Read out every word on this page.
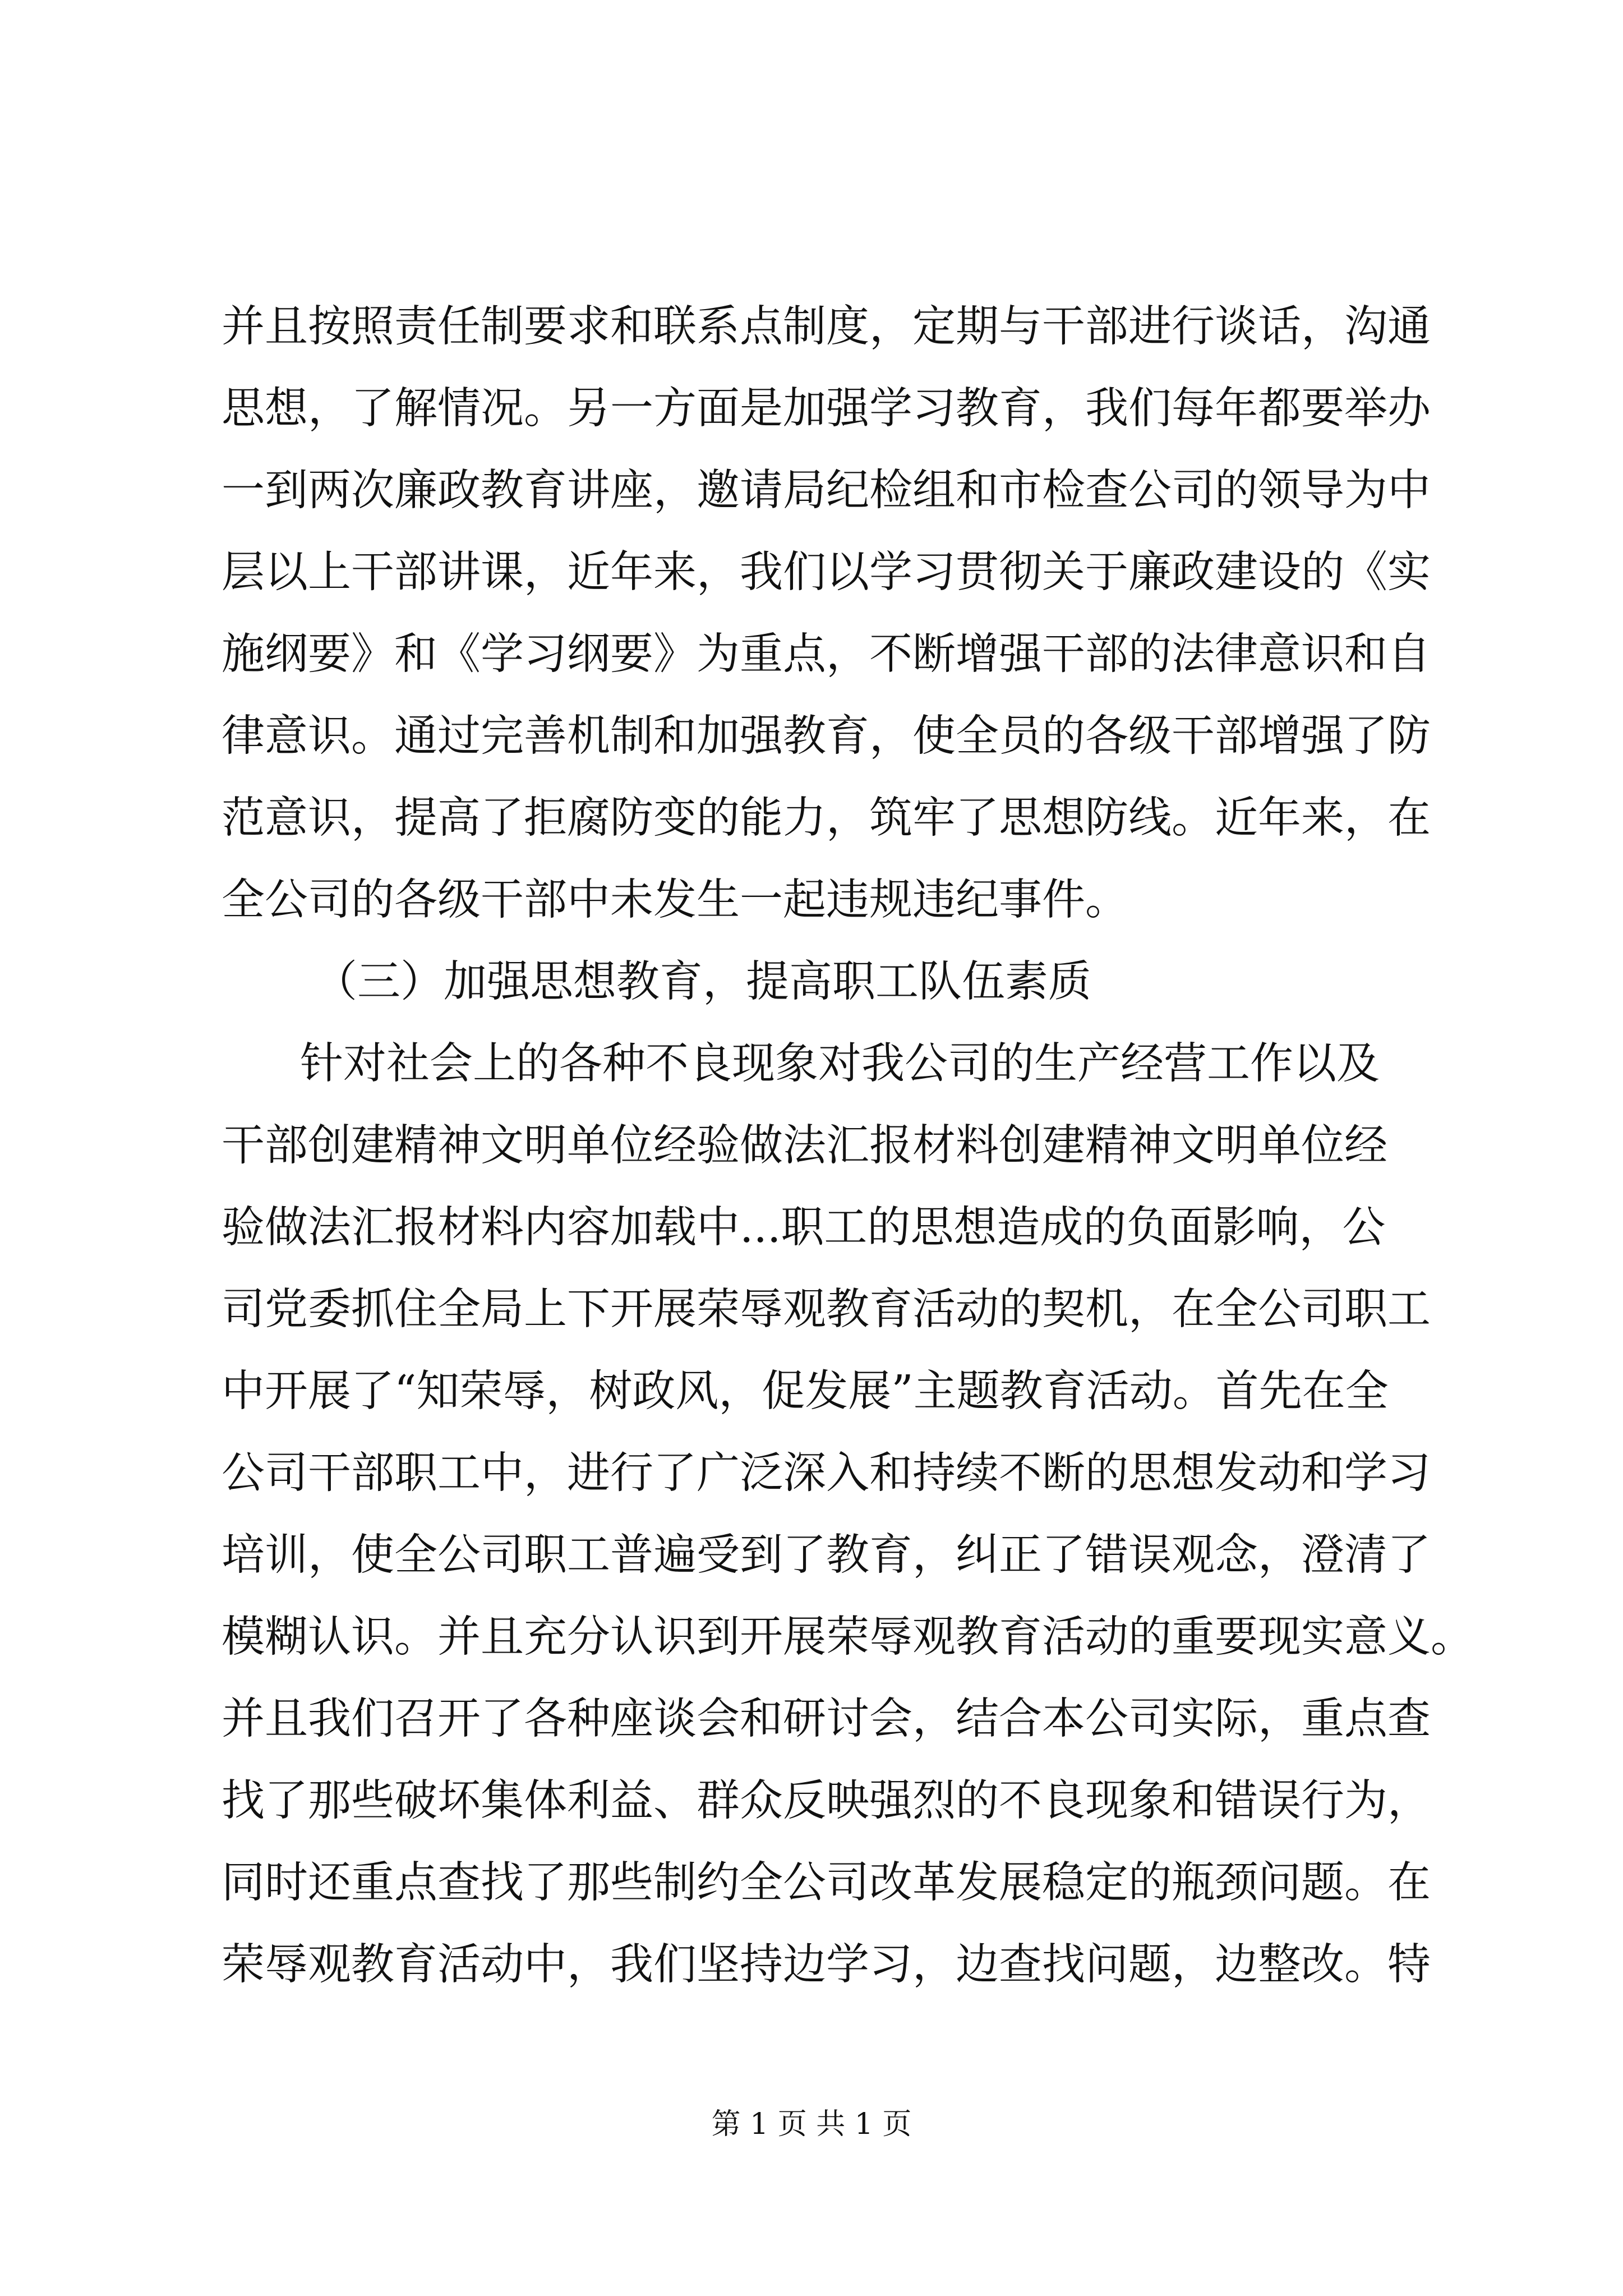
并且按照责任制要求和联系点制度，定期与干部进行谈话，沟通

思想，了解情况。另一方面是加强学习教育，我们每年都要举办

一到两次廉政教育讲座，邀请局纪检组和市检查公司的领导为中

层以上干部讲课，近年来，我们以学习贯彻关于廉政建设的《实

施纲要》和《学习纲要》为重点，不断增强干部的法律意识和自

律意识。通过完善机制和加强教育，使全员的各级干部增强了防

范意识，提高了拒腐防变的能力，筑牢了思想防线。近年来，在

全公司的各级干部中未发生一起违规违纪事件。

（三）加强思想教育，提高职工队伍素质

针对社会上的各种不良现象对我公司的生产经营工作以及

干部创建精神文明单位经验做法汇报材料创建精神文明单位经

验做法汇报材料内容加载中...职工的思想造成的负面影响，公

司党委抓住全局上下开展荣辱观教育活动的契机，在全公司职工

中开展了“知荣辱，树政风，促发展”主题教育活动。首先在全

公司干部职工中，进行了广泛深入和持续不断的思想发动和学习

培训，使全公司职工普遍受到了教育，纠正了错误观念，澄清了

模糊认识。并且充分认识到开展荣辱观教育活动的重要现实意义。

并且我们召开了各种座谈会和研讨会，结合本公司实际，重点查

找了那些破坏集体利益、群众反映强烈的不良现象和错误行为，

同时还重点查找了那些制约全公司改革发展稳定的瓶颈问题。在

荣辱观教育活动中，我们坚持边学习，边查找问题，边整改。特

第 1 页 共 1 页
